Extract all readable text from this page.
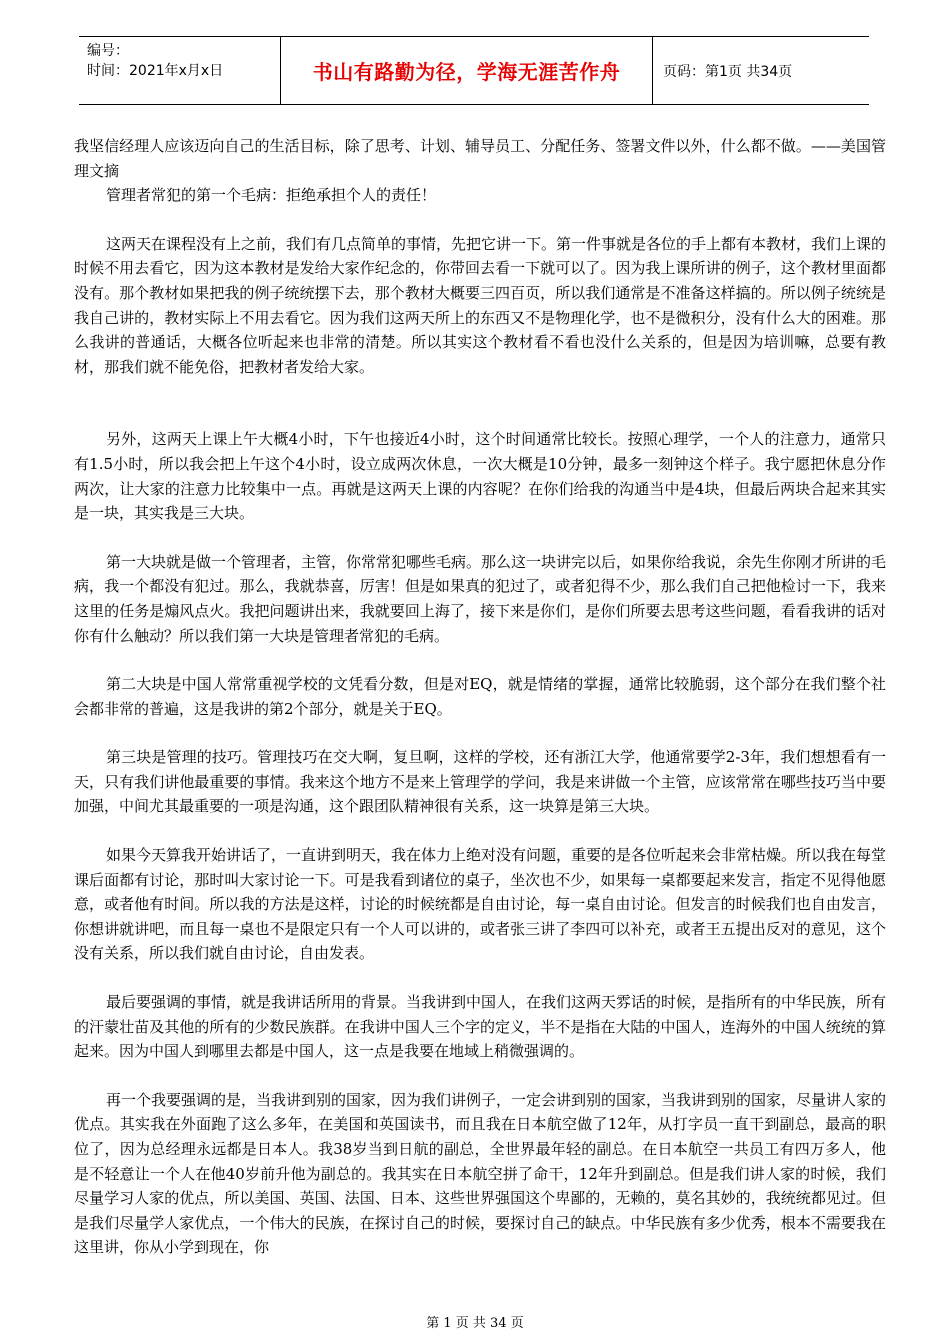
编号：
时间：2021年x月x日	书山有路勤为径，学海无涯苦作舟	页码：第1页 共34页

我坚信经理人应该迈向自己的生活目标，除了思考、计划、辅导员工、分配任务、签署文件以外，什么都不做。——美国管理文摘

管理者常犯的第一个毛病：拒绝承担个人的责任！

这两天在课程没有上之前，我们有几点简单的事情，先把它讲一下。第一件事就是各位的手上都有本教材，我们上课的时候不用去看它，因为这本教材是发给大家作纪念的，你带回去看一下就可以了。因为我上课所讲的例子，这个教材里面都没有。那个教材如果把我的例子统统摆下去，那个教材大概要三四百页，所以我们通常是不准备这样搞的。所以例子统统是我自己讲的，教材实际上不用去看它。因为我们这两天所上的东西又不是物理化学，也不是微积分，没有什么大的困难。那么我讲的普通话，大概各位听起来也非常的清楚。所以其实这个教材看不看也没什么关系的，但是因为培训嘛，总要有教材，那我们就不能免俗，把教材者发给大家。

另外，这两天上课上午大概4小时，下午也接近4小时，这个时间通常比较长。按照心理学，一个人的注意力，通常只有1.5小时，所以我会把上午这个4小时，设立成两次休息，一次大概是10分钟，最多一刻钟这个样子。我宁愿把休息分作两次，让大家的注意力比较集中一点。再就是这两天上课的内容呢？在你们给我的沟通当中是4块，但最后两块合起来其实是一块，其实我是三大块。

第一大块就是做一个管理者，主管，你常常犯哪些毛病。那么这一块讲完以后，如果你给我说，余先生你刚才所讲的毛病，我一个都没有犯过。那么，我就恭喜，厉害！但是如果真的犯过了，或者犯得不少，那么我们自己把他检讨一下，我来这里的任务是煽风点火。我把问题讲出来，我就要回上海了，接下来是你们，是你们所要去思考这些问题，看看我讲的话对你有什么触动？所以我们第一大块是管理者常犯的毛病。

第二大块是中国人常常重视学校的文凭看分数，但是对EQ，就是情绪的掌握，通常比较脆弱，这个部分在我们整个社会都非常的普遍，这是我讲的第2个部分，就是关于EQ。

第三块是管理的技巧。管理技巧在交大啊，复旦啊，这样的学校，还有浙江大学，他通常要学2-3年，我们想想看有一天，只有我们讲他最重要的事情。我来这个地方不是来上管理学的学问，我是来讲做一个主管，应该常常在哪些技巧当中要加强，中间尤其最重要的一项是沟通，这个跟团队精神很有关系，这一块算是第三大块。

如果今天算我开始讲话了，一直讲到明天，我在体力上绝对没有问题，重要的是各位听起来会非常枯燥。所以我在每堂课后面都有讨论，那时叫大家讨论一下。可是我看到诸位的桌子，坐次也不少，如果每一桌都要起来发言，指定不见得他愿意，或者他有时间。所以我的方法是这样，讨论的时候统都是自由讨论，每一桌自由讨论。但发言的时候我们也自由发言，你想讲就讲吧，而且每一桌也不是限定只有一个人可以讲的，或者张三讲了李四可以补充，或者王五提出反对的意见，这个没有关系，所以我们就自由讨论，自由发表。

最后要强调的事情，就是我讲话所用的背景。当我讲到中国人，在我们这两天雰话的时候，是指所有的中华民族，所有的汗蒙壮苗及其他的所有的少数民族群。在我讲中国人三个字的定义，半不是指在大陆的中国人，连海外的中国人统统的算起来。因为中国人到哪里去都是中国人，这一点是我要在地域上稍微强调的。

再一个我要强调的是，当我讲到别的国家，因为我们讲例子，一定会讲到别的国家，当我讲到别的国家，尽量讲人家的优点。其实我在外面跑了这么多年，在美国和英国读书，而且我在日本航空做了12年，从打字员一直干到副总，最高的职位了，因为总经理永远都是日本人。我38岁当到日航的副总，全世界最年轻的副总。在日本航空一共员工有四万多人，他是不轻意让一个人在他40岁前升他为副总的。我其实在日本航空拼了命干，12年升到副总。但是我们讲人家的时候，我们尽量学习人家的优点，所以美国、英国、法国、日本、这些世界强国这个卑鄙的，无赖的，莫名其妙的，我统统都见过。但是我们尽量学人家优点，一个伟大的民族，在探讨自己的时候，要探讨自己的缺点。中华民族有多少优秀，根本不需要我在这里讲，你从小学到现在，你

第 1 页 共 34 页
